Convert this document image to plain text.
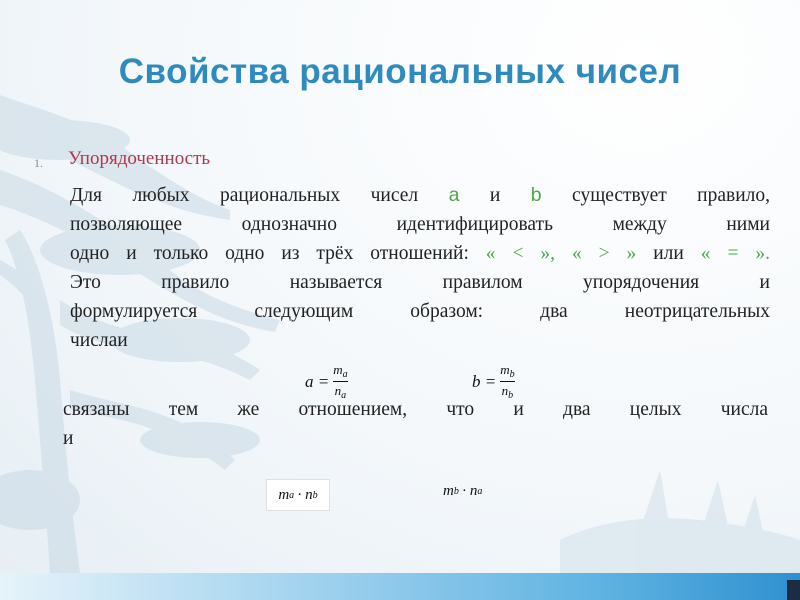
Свойства рациональных чисел
1. Упорядоченность
Для любых рациональных чисел a и b существует правило,
позволяющее однозначно идентифицировать между ними
одно и только одно из трёх отношений: « < », « > » или « = ».
Это правило называется правилом упорядочения и
формулируется следующим образом: два неотрицательных
числаи
$a = \frac{m_a}{n_a}$	$b = \frac{m_b}{n_b}$
связаны тем же отношением, что и два целых числа
и
m a · n b	m b · n a
